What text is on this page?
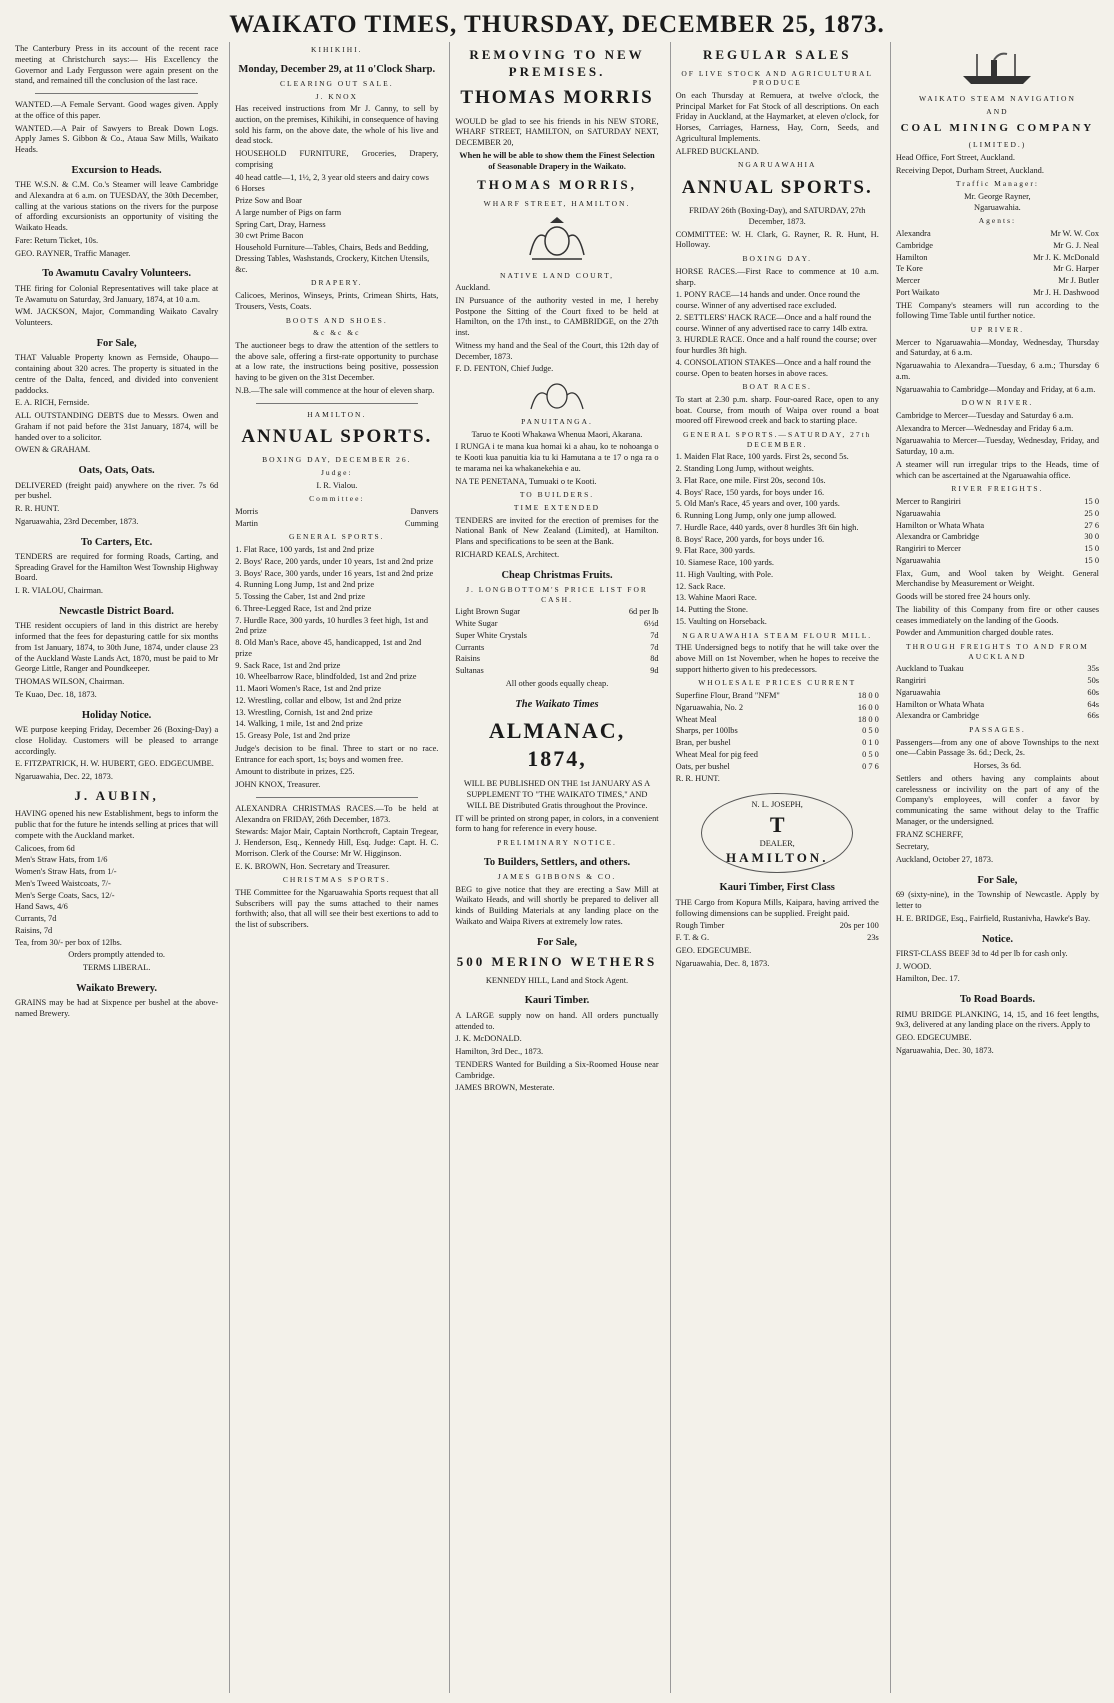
WAIKATO TIMES, THURSDAY, DECEMBER 25, 1873.

The Canterbury Press in its account of the recent race meeting at Christchurch says:— His Excellency the Governor and Lady Fergusson were again present on the stand, and remained till the conclusion of the last race.

WANTED.—A Female Servant. Good wages given. Apply at the office of this paper.

WANTED.—A Pair of Sawyers to Break Down Logs. Apply James S. Gibbon & Co., Ataua Saw Mills, Waikato Heads.

Excursion to Heads.

THE W.S.N. & C.M. Co.'s Steamer will leave Cambridge and Alexandra at 6 a.m. on TUESDAY, the 30th December, calling at the various stations on the rivers for the purpose of affording excursionists an opportunity of visiting the Waikato Heads.

Fare: Return Ticket, 10s.

GEO. RAYNER, Traffic Manager.

To Awamutu Cavalry Volunteers.

THE firing for Colonial Representatives will take place at Te Awamutu on Saturday, 3rd January, 1874, at 10 a.m.

WM. JACKSON, Major, Commanding Waikato Cavalry Volunteers.

For Sale,

THAT Valuable Property known as Fernside, Ohaupo—containing about 320 acres. The property is situated in the centre of the Dalta, fenced, and divided into convenient paddocks.

E. A. RICH, Fernside.

ALL OUTSTANDING DEBTS due to Messrs. Owen and Graham if not paid before the 31st January, 1874, will be handed over to a solicitor.

OWEN & GRAHAM.

Oats, Oats, Oats.

DELIVERED (freight paid) anywhere on the river. 7s 6d per bushel.

R. R. HUNT.

Ngaruawahia, 23rd December, 1873.

To Carters, Etc.

TENDERS are required for forming Roads, Carting, and Spreading Gravel for the Hamilton West Township Highway Board.

I. R. VIALOU, Chairman.

Newcastle District Board.

THE resident occupiers of land in this district are hereby informed that the fees for depasturing cattle for six months from 1st January, 1874, to 30th June, 1874, under clause 23 of the Auckland Waste Lands Act, 1870, must be paid to Mr George Little, Ranger and Poundkeeper.

THOMAS WILSON, Chairman.

Te Kuao, Dec. 18, 1873.

Holiday Notice.

WE purpose keeping Friday, December 26 (Boxing-Day) a close Holiday. Customers will be pleased to arrange accordingly.

E. FITZPATRICK, H. W. HUBERT, GEO. EDGECUMBE.

Ngaruawahia, Dec. 22, 1873.

J. AUBIN,

HAVING opened his new Establishment, begs to inform the public that for the future he intends selling at prices that will compete with the Auckland market.

Calicoes, from 6d
Men's Straw Hats, from 1/6
Women's Straw Hats, from 1/-
Men's Tweed Waistcoats, 7/-
Men's Serge Coats, Sacs, 12/-
Hand Saws, 4/6
Currants, 7d
Raisins, 7d
Tea, from 30/- per box of 12lbs.

Orders promptly attended to.

TERMS LIBERAL.

Waikato Brewery.

GRAINS may be had at Sixpence per bushel at the above-named Brewery.

KIHIKIHI.
Monday, December 29, at 11 o'Clock Sharp.
CLEARING OUT SALE.
J. KNOX

Has received instructions from Mr J. Canny, to sell by auction, on the premises, Kihikihi, in consequence of having sold his farm, on the above date, the whole of his live and dead stock.

HOUSEHOLD FURNITURE, Groceries, Drapery, comprising

40 head cattle—1, 1½, 2, 3 year old steers and dairy cows
6 Horses
Prize Sow and Boar
A large number of Pigs on farm
Spring Cart, Dray, Harness
30 cwt Prime Bacon
Household Furniture—Tables, Chairs, Beds and Bedding, Dressing Tables, Washstands, Crockery, Kitchen Utensils, &c.
DRAPERY.

Calicoes, Merinos, Winseys, Prints, Crimean Shirts, Hats, Trousers, Vests, Coats.

BOOTS AND SHOES.
&c &c &c

The auctioneer begs to draw the attention of the settlers to the above sale, offering a first-rate opportunity to purchase at a low rate, the instructions being positive, possession having to be given on the 31st December.

N.B.—The sale will commence at the hour of eleven sharp.

HAMILTON.
ANNUAL SPORTS.
BOXING DAY, DECEMBER 26.
Judge:
I. R. Vialou.
Committee:
Morris	Danvers
Martin	Cumming
GENERAL SPORTS.
1. Flat Race, 100 yards, 1st and 2nd prize
2. Boys' Race, 200 yards, under 10 years, 1st and 2nd prize
3. Boys' Race, 300 yards, under 16 years, 1st and 2nd prize
4. Running Long Jump, 1st and 2nd prize
5. Tossing the Caber, 1st and 2nd prize
6. Three-Legged Race, 1st and 2nd prize
7. Hurdle Race, 300 yards, 10 hurdles 3 feet high, 1st and 2nd prize
8. Old Man's Race, above 45, handicapped, 1st and 2nd prize
9. Sack Race, 1st and 2nd prize
10. Wheelbarrow Race, blindfolded, 1st and 2nd prize
11. Maori Women's Race, 1st and 2nd prize
12. Wrestling, collar and elbow, 1st and 2nd prize
13. Wrestling, Cornish, 1st and 2nd prize
14. Walking, 1 mile, 1st and 2nd prize
15. Greasy Pole, 1st and 2nd prize

Judge's decision to be final. Three to start or no race. Entrance for each sport, 1s; boys and women free.

Amount to distribute in prizes, £25.

JOHN KNOX, Treasurer.

ALEXANDRA CHRISTMAS RACES.—To be held at Alexandra on FRIDAY, 26th December, 1873.

Stewards: Major Mair, Captain Northcroft, Captain Tregear, J. Henderson, Esq., Kennedy Hill, Esq. Judge: Capt. H. C. Morrison. Clerk of the Course: Mr W. Higginson.

E. K. BROWN, Hon. Secretary and Treasurer.

CHRISTMAS SPORTS.

THE Committee for the Ngaruawahia Sports request that all Subscribers will pay the sums attached to their names forthwith; also, that all will see their best exertions to add to the list of subscribers.

REMOVING TO NEW PREMISES.
THOMAS MORRIS

WOULD be glad to see his friends in his NEW STORE, WHARF STREET, HAMILTON, on SATURDAY NEXT, DECEMBER 20,

When he will be able to show them the Finest Selection of Seasonable Drapery in the Waikato.

THOMAS MORRIS,
WHARF STREET, HAMILTON.
NATIVE LAND COURT,

Auckland.

IN Pursuance of the authority vested in me, I hereby Postpone the Sitting of the Court fixed to be held at Hamilton, on the 17th inst., to CAMBRIDGE, on the 27th inst.

Witness my hand and the Seal of the Court, this 12th day of December, 1873.

F. D. FENTON, Chief Judge.

PANUITANGA.

Taruo te Kooti Whakawa Whenua Maori, Akarana.

I RUNGA i te mana kua homai ki a ahau, ko te nohoanga o te Kooti kua panuitia kia tu ki Hamutana a te 17 o nga ra o te marama nei ka whakanekehia e au.

NA TE PENETANA, Tumuaki o te Kooti.

TO BUILDERS.
TIME EXTENDED

TENDERS are invited for the erection of premises for the National Bank of New Zealand (Limited), at Hamilton. Plans and specifications to be seen at the Bank.

RICHARD KEALS, Architect.

Cheap Christmas Fruits.
J. LONGBOTTOM'S PRICE LIST FOR CASH.
Light Brown Sugar	6d per lb
White Sugar	6½d
Super White Crystals	7d
Currants	7d
Raisins	8d
Sultanas	9d

All other goods equally cheap.

The Waikato Times
ALMANAC, 1874,

WILL BE PUBLISHED ON THE 1st JANUARY AS A SUPPLEMENT TO "THE WAIKATO TIMES," AND WILL BE Distributed Gratis throughout the Province.

IT will be printed on strong paper, in colors, in a convenient form to hang for reference in every house.

PRELIMINARY NOTICE.
To Builders, Settlers, and others.
JAMES GIBBONS & CO.

BEG to give notice that they are erecting a Saw Mill at Waikato Heads, and will shortly be prepared to deliver all kinds of Building Materials at any landing place on the Waikato and Waipa Rivers at extremely low rates.

For Sale,
500 MERINO WETHERS

KENNEDY HILL, Land and Stock Agent.

Kauri Timber.

A LARGE supply now on hand. All orders punctually attended to.

J. K. McDONALD.

Hamilton, 3rd Dec., 1873.

TENDERS Wanted for Building a Six-Roomed House near Cambridge.

JAMES BROWN, Mesterate.

REGULAR SALES
OF LIVE STOCK AND AGRICULTURAL PRODUCE

On each Thursday at Remuera, at twelve o'clock, the Principal Market for Fat Stock of all descriptions. On each Friday in Auckland, at the Haymarket, at eleven o'clock, for Horses, Carriages, Harness, Hay, Corn, Seeds, and Agricultural Implements.

ALFRED BUCKLAND.

NGARUAWAHIA
ANNUAL SPORTS.

FRIDAY 26th (Boxing-Day), and SATURDAY, 27th December, 1873.

COMMITTEE: W. H. Clark, G. Rayner, R. R. Hunt, H. Holloway.

BOXING DAY.

HORSE RACES.—First Race to commence at 10 a.m. sharp.

1. PONY RACE—14 hands and under. Once round the course. Winner of any advertised race excluded.
2. SETTLERS' HACK RACE—Once and a half round the course. Winner of any advertised race to carry 14lb extra.
3. HURDLE RACE. Once and a half round the course; over four hurdles 3ft high.
4. CONSOLATION STAKES—Once and a half round the course. Open to beaten horses in above races.
BOAT RACES.

To start at 2.30 p.m. sharp. Four-oared Race, open to any boat. Course, from mouth of Waipa over round a boat moored off Firewood creek and back to starting place.

GENERAL SPORTS.—SATURDAY, 27th DECEMBER.
1. Maiden Flat Race, 100 yards. First 2s, second 5s.
2. Standing Long Jump, without weights.
3. Flat Race, one mile. First 20s, second 10s.
4. Boys' Race, 150 yards, for boys under 16.
5. Old Man's Race, 45 years and over, 100 yards.
6. Running Long Jump, only one jump allowed.
7. Hurdle Race, 440 yards, over 8 hurdles 3ft 6in high.
8. Boys' Race, 200 yards, for boys under 16.
9. Flat Race, 300 yards.
10. Siamese Race, 100 yards.
11. High Vaulting, with Pole.
12. Sack Race.
13. Wahine Maori Race.
14. Putting the Stone.
15. Vaulting on Horseback.
NGARUAWAHIA STEAM FLOUR MILL.

THE Undersigned begs to notify that he will take over the above Mill on 1st November, when he hopes to receive the support hitherto given to his predecessors.

WHOLESALE PRICES CURRENT
Superfine Flour, Brand "NFM"	18 0 0
Ngaruawahia, No. 2	16 0 0
Wheat Meal	18 0 0
Sharps, per 100lbs	0 5 0
Bran, per bushel	0 1 0
Wheat Meal for pig feed	0 5 0
Oats, per bushel	0 7 6

R. R. HUNT.

N. L. JOSEPH,
T
DEALER,
HAMILTON.
Kauri Timber, First Class

THE Cargo from Kopura Mills, Kaipara, having arrived the following dimensions can be supplied. Freight paid.

Rough Timber	20s per 100
F. T. & G.	23s

GEO. EDGECUMBE.

Ngaruawahia, Dec. 8, 1873.

WAIKATO STEAM NAVIGATION
AND
COAL MINING COMPANY
(LIMITED.)

Head Office, Fort Street, Auckland.

Receiving Depot, Durham Street, Auckland.

Traffic Manager:
Mr. George Rayner,
Ngaruawahia.
Agents:
Alexandra	Mr W. W. Cox
Cambridge	Mr G. J. Neal
Hamilton	Mr J. K. McDonald
Te Kore	Mr G. Harper
Mercer	Mr J. Butler
Port Waikato	Mr J. H. Dashwood

THE Company's steamers will run according to the following Time Table until further notice.

UP RIVER.

Mercer to Ngaruawahia—Monday, Wednesday, Thursday and Saturday, at 6 a.m.

Ngaruawahia to Alexandra—Tuesday, 6 a.m.; Thursday 6 a.m.

Ngaruawahia to Cambridge—Monday and Friday, at 6 a.m.

DOWN RIVER.

Cambridge to Mercer—Tuesday and Saturday 6 a.m.

Alexandra to Mercer—Wednesday and Friday 6 a.m.

Ngaruawahia to Mercer—Tuesday, Wednesday, Friday, and Saturday, 10 a.m.

A steamer will run irregular trips to the Heads, time of which can be ascertained at the Ngaruawahia office.

RIVER FREIGHTS.
Mercer to Rangiriri	15 0
Ngaruawahia	25 0
Hamilton or Whata Whata	27 6
Alexandra or Cambridge	30 0
Rangiriri to Mercer	15 0
Ngaruawahia	15 0

Flax, Gum, and Wool taken by Weight. General Merchandise by Measurement or Weight.

Goods will be stored free 24 hours only.

The liability of this Company from fire or other causes ceases immediately on the landing of the Goods.

Powder and Ammunition charged double rates.

THROUGH FREIGHTS TO AND FROM AUCKLAND
Auckland to Tuakau	35s
Rangiriri	50s
Ngaruawahia	60s
Hamilton or Whata Whata	64s
Alexandra or Cambridge	66s
PASSAGES.

Passengers—from any one of above Townships to the next one—Cabin Passage 3s. 6d.; Deck, 2s.

Horses, 3s 6d.

Settlers and others having any complaints about carelessness or incivility on the part of any of the Company's employees, will confer a favor by communicating the same without delay to the Traffic Manager, or the undersigned.

FRANZ SCHERFF,

Secretary,

Auckland, October 27, 1873.

For Sale,

69 (sixty-nine), in the Township of Newcastle. Apply by letter to

H. E. BRIDGE, Esq., Fairfield, Rustanivha, Hawke's Bay.

Notice.

FIRST-CLASS BEEF 3d to 4d per lb for cash only.

J. WOOD.

Hamilton, Dec. 17.

To Road Boards.

RIMU BRIDGE PLANKING, 14, 15, and 16 feet lengths, 9x3, delivered at any landing place on the rivers. Apply to

GEO. EDGECUMBE.

Ngaruawahia, Dec. 30, 1873.
